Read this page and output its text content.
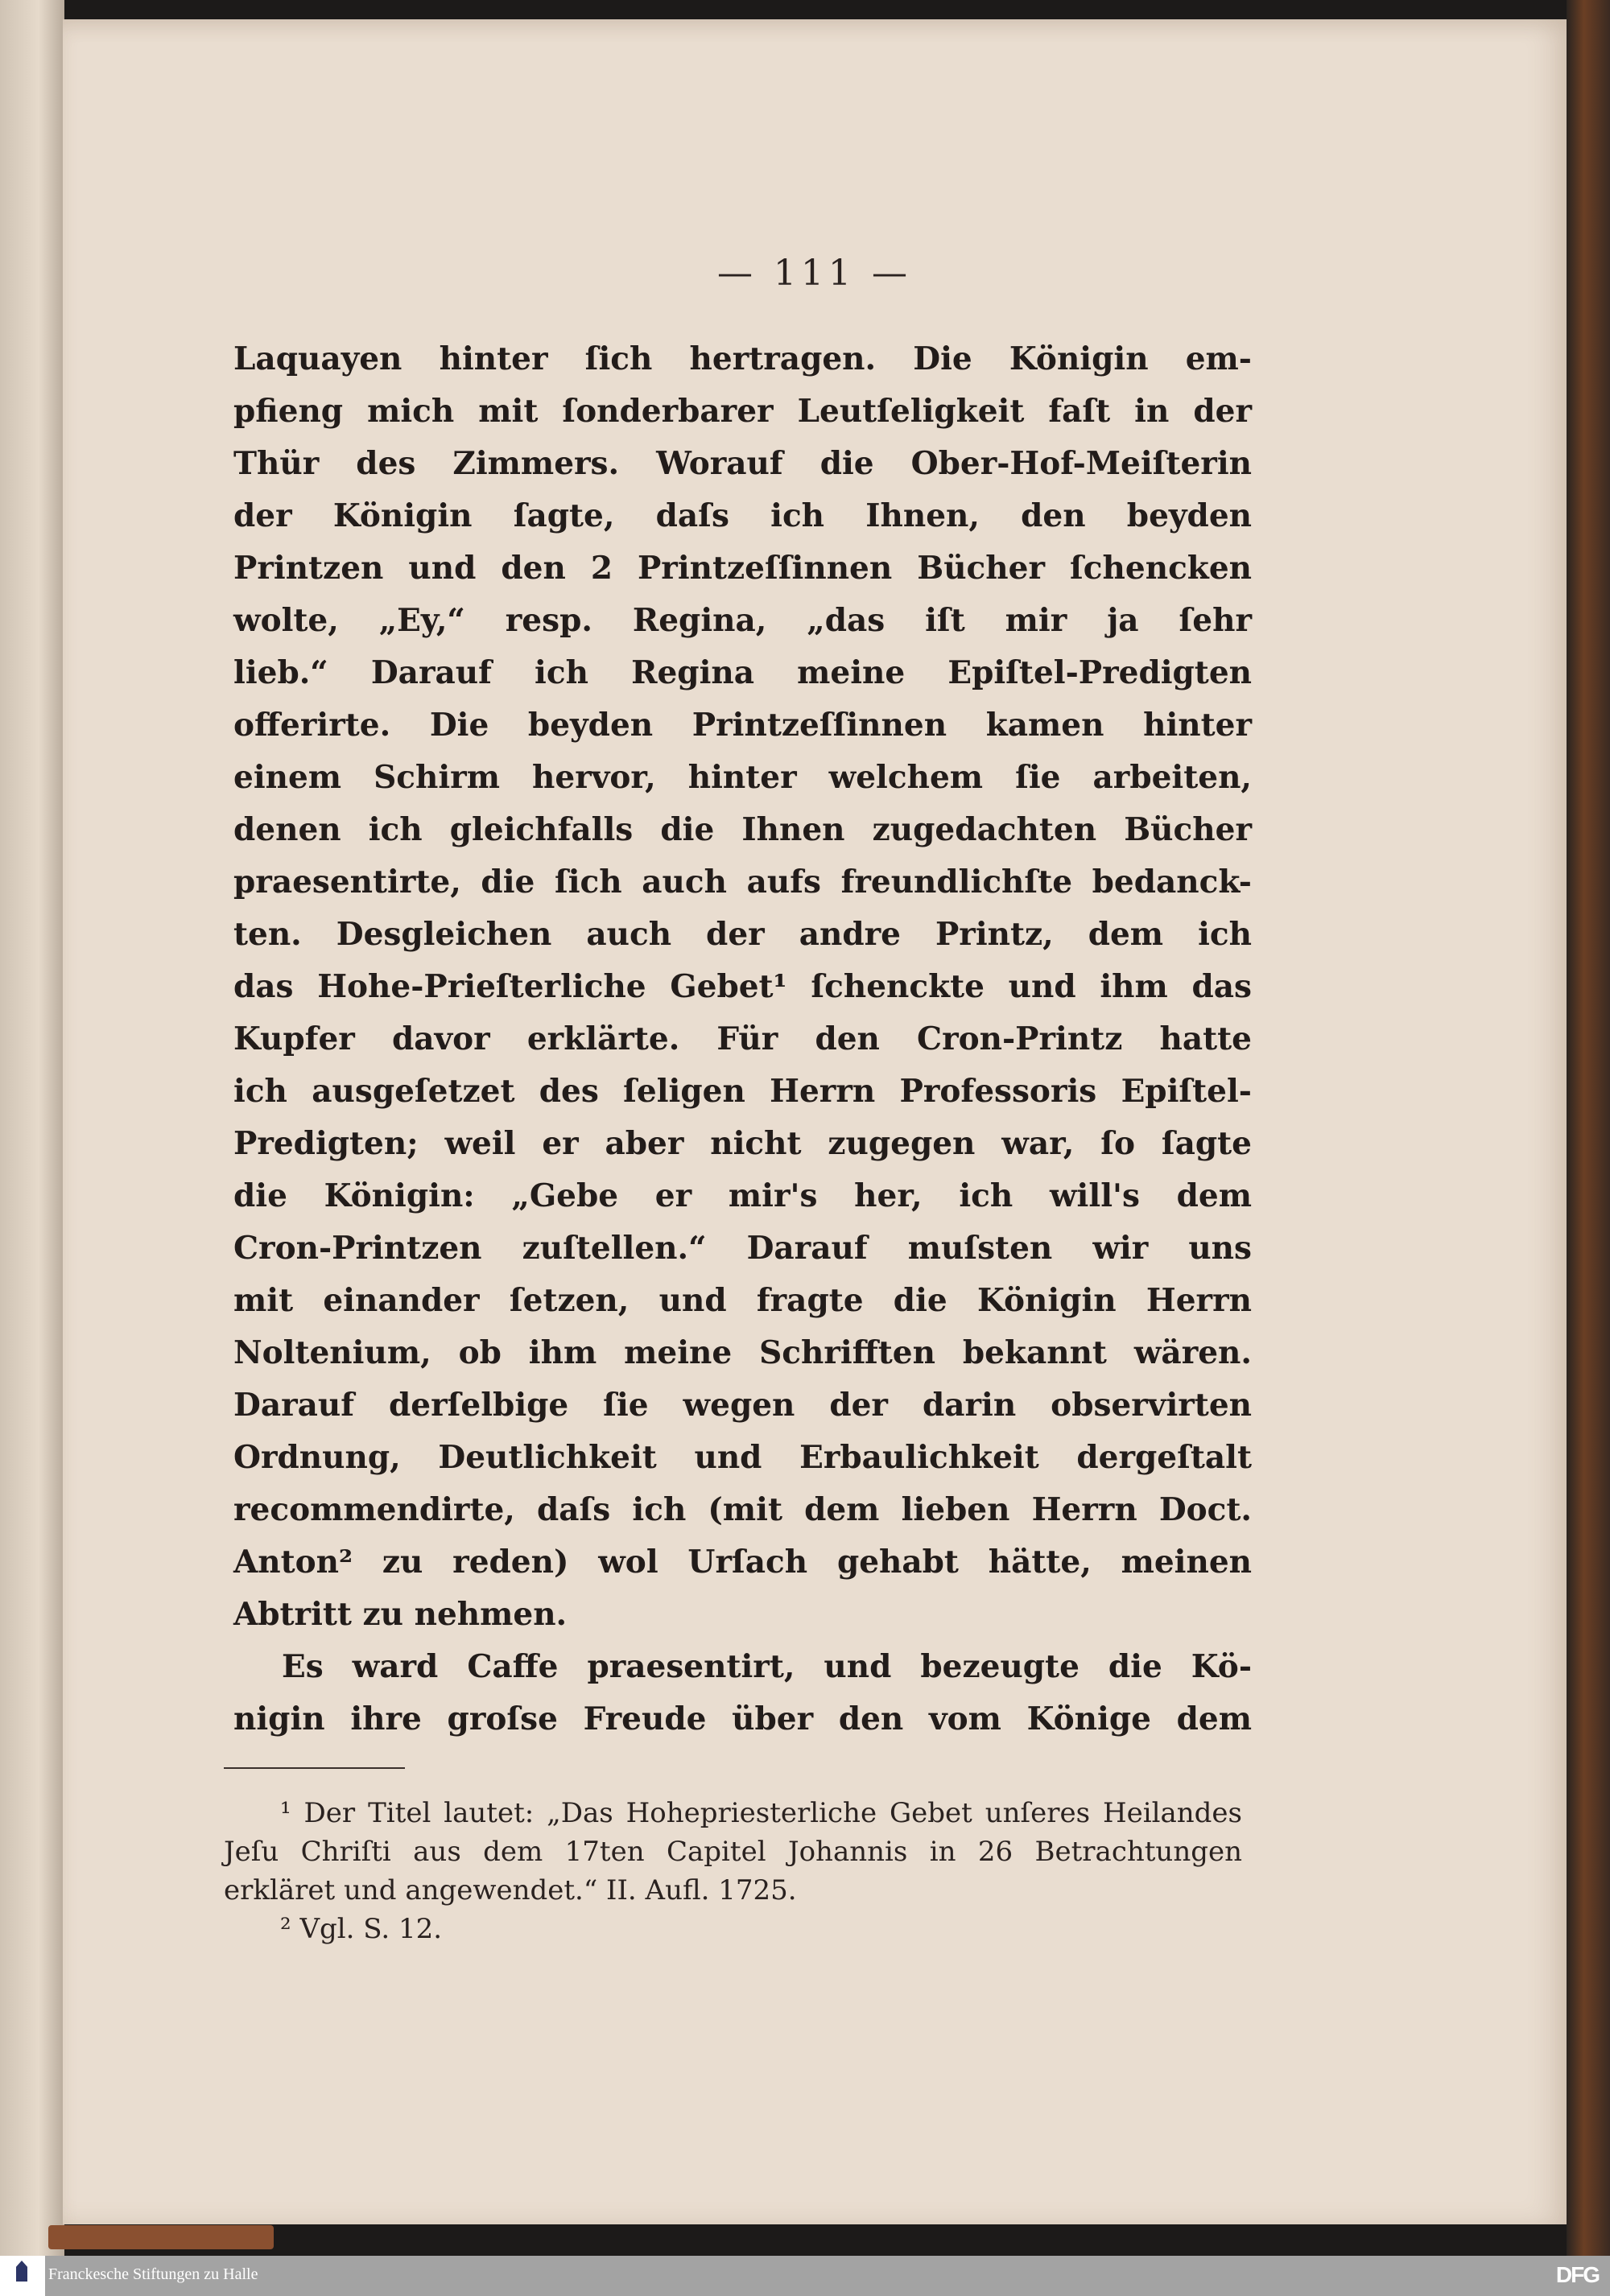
— 111 —
Laquayen hinter ſich hertragen. Die Königin em-
pfieng mich mit ſonderbarer Leutſeligkeit faſt in der
Thür des Zimmers. Worauf die Ober-Hof-Meiſterin
der Königin ſagte, daſs ich Ihnen, den beyden
Printzen und den 2 Printzeſſinnen Bücher ſchencken
wolte, „Ey,“ resp. Regina, „das iſt mir ja ſehr
lieb.“ Darauf ich Regina meine Epiſtel-Predigten
offerirte. Die beyden Printzeſſinnen kamen hinter
einem Schirm hervor, hinter welchem ſie arbeiten,
denen ich gleichfalls die Ihnen zugedachten Bücher
praesentirte, die ſich auch aufs freundlichſte bedanck-
ten. Desgleichen auch der andre Printz, dem ich
das Hohe-Prieſterliche Gebet¹ ſchenckte und ihm das
Kupfer davor erklärte. Für den Cron-Printz hatte
ich ausgeſetzet des ſeligen Herrn Professoris Epiſtel-
Predigten; weil er aber nicht zugegen war, ſo ſagte
die Königin: „Gebe er mir's her, ich will's dem
Cron-Printzen zuſtellen.“ Darauf muſsten wir uns
mit einander ſetzen, und fragte die Königin Herrn
Noltenium, ob ihm meine Schrifften bekannt wären.
Darauf derſelbige ſie wegen der darin observirten
Ordnung, Deutlichkeit und Erbaulichkeit dergeſtalt
recommendirte, daſs ich (mit dem lieben Herrn Doct.
Anton² zu reden) wol Urſach gehabt hätte, meinen
Abtritt zu nehmen.
Es ward Caffe praesentirt, und bezeugte die Kö-
nigin ihre groſse Freude über den vom Könige dem
¹ Der Titel lautet: „Das Hohepriesterliche Gebet unſeres Heilandes
Jeſu Chriſti aus dem 17ten Capitel Johannis in 26 Betrachtungen
erkläret und angewendet.“ II. Aufl. 1725.
² Vgl. S. 12.
Franckesche Stiftungen zu Halle	DFG
